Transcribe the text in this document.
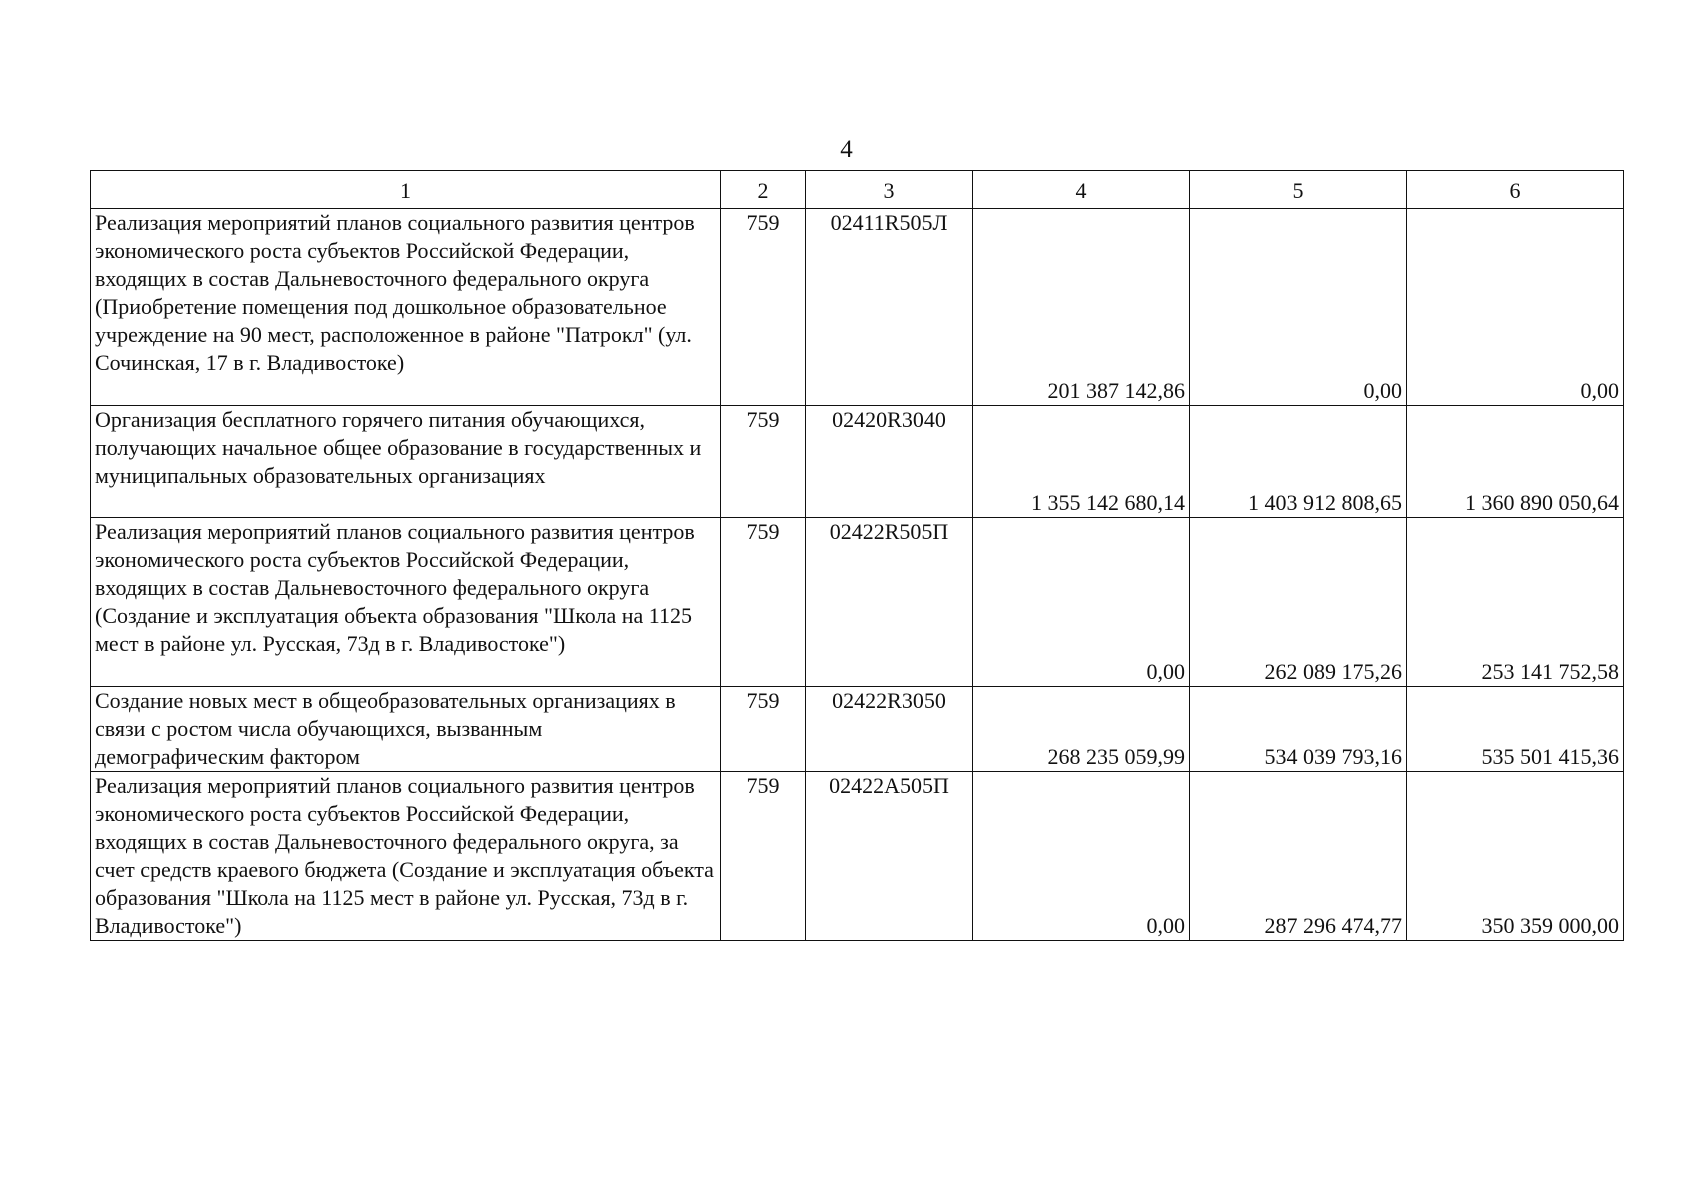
4
1	2	3	4	5	6
Реализация мероприятий планов социального развития центров экономического роста субъектов Российской Федерации, входящих в состав Дальневосточного федерального округа (Приобретение помещения под дошкольное образовательное учреждение на 90 мест, расположенное в районе "Патрокл" (ул. Сочинская, 17 в г. Владивостоке)	759	02411R505Л	201 387 142,86	0,00	0,00
Организация бесплатного горячего питания обучающихся, получающих начальное общее образование в государственных и муниципальных образовательных организациях	759	02420R3040	1 355 142 680,14	1 403 912 808,65	1 360 890 050,64
Реализация мероприятий планов социального развития центров экономического роста субъектов Российской Федерации, входящих в состав Дальневосточного федерального округа (Создание и эксплуатация объекта образования "Школа на 1125 мест в районе ул. Русская, 73д в г. Владивостоке")	759	02422R505П	0,00	262 089 175,26	253 141 752,58
Создание новых мест в общеобразовательных организациях в связи с ростом числа обучающихся, вызванным демографическим фактором	759	02422R3050	268 235 059,99	534 039 793,16	535 501 415,36
Реализация мероприятий планов социального развития центров экономического роста субъектов Российской Федерации, входящих в состав Дальневосточного федерального округа, за счет средств краевого бюджета (Создание и эксплуатация объекта образования "Школа на 1125 мест в районе ул. Русская, 73д в г. Владивостоке")	759	02422А505П	0,00	287 296 474,77	350 359 000,00
